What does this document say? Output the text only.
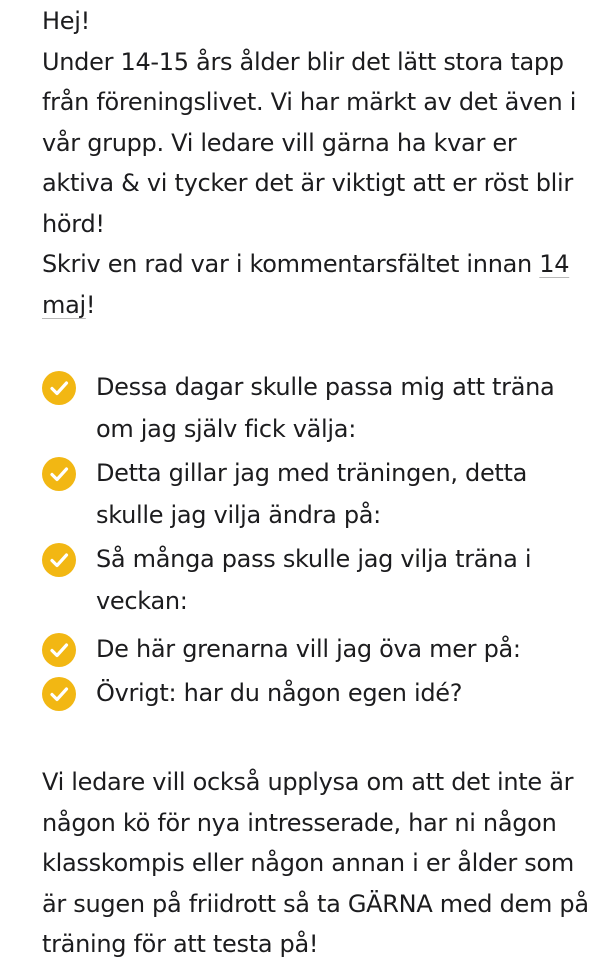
Hej!

Under 14-15 års ålder blir det lätt stora tapp från föreningslivet. Vi har märkt av det även i vår grupp. Vi ledare vill gärna ha kvar er aktiva & vi tycker det är viktigt att er röst blir hörd!

Skriv en rad var i kommentarsfältet innan 14 maj!

Dessa dagar skulle passa mig att träna om jag själv fick välja:
Detta gillar jag med träningen, detta skulle jag vilja ändra på:
Så många pass skulle jag vilja träna i veckan:
De här grenarna vill jag öva mer på:
Övrigt: har du någon egen idé?

Vi ledare vill också upplysa om att det inte är någon kö för nya intresserade, har ni någon klasskompis eller någon annan i er ålder som är sugen på friidrott så ta GÄRNA med dem på träning för att testa på!
